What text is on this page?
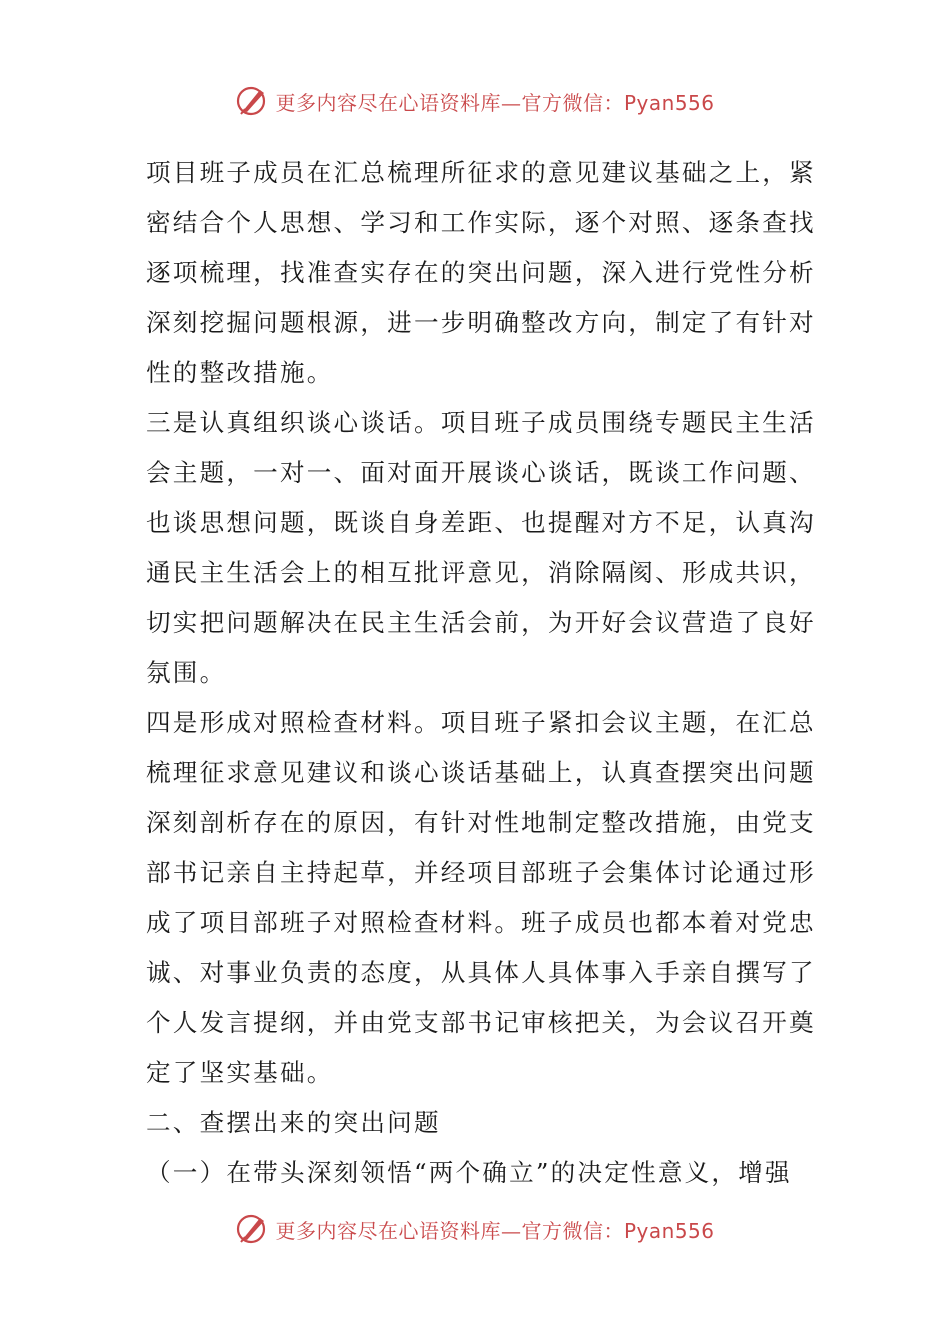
更多内容尽在心语资料库—官方微信：Pyan556
项目班子成员在汇总梳理所征求的意见建议基础之上，紧
密结合个人思想、学习和工作实际，逐个对照、逐条查找
逐项梳理，找准查实存在的突出问题，深入进行党性分析
深刻挖掘问题根源，进一步明确整改方向，制定了有针对
性的整改措施。
三是认真组织谈心谈话。项目班子成员围绕专题民主生活
会主题，一对一、面对面开展谈心谈话，既谈工作问题、
也谈思想问题，既谈自身差距、也提醒对方不足，认真沟
通民主生活会上的相互批评意见，消除隔阂、形成共识，
切实把问题解决在民主生活会前，为开好会议营造了良好
氛围。
四是形成对照检查材料。项目班子紧扣会议主题，在汇总
梳理征求意见建议和谈心谈话基础上，认真查摆突出问题
深刻剖析存在的原因，有针对性地制定整改措施，由党支
部书记亲自主持起草，并经项目部班子会集体讨论通过形
成了项目部班子对照检查材料。班子成员也都本着对党忠
诚、对事业负责的态度，从具体人具体事入手亲自撰写了
个人发言提纲，并由党支部书记审核把关，为会议召开奠
定了坚实基础。
二、查摆出来的突出问题
（一）在带头深刻领悟“两个确立”的决定性意义，增强
更多内容尽在心语资料库—官方微信：Pyan556
